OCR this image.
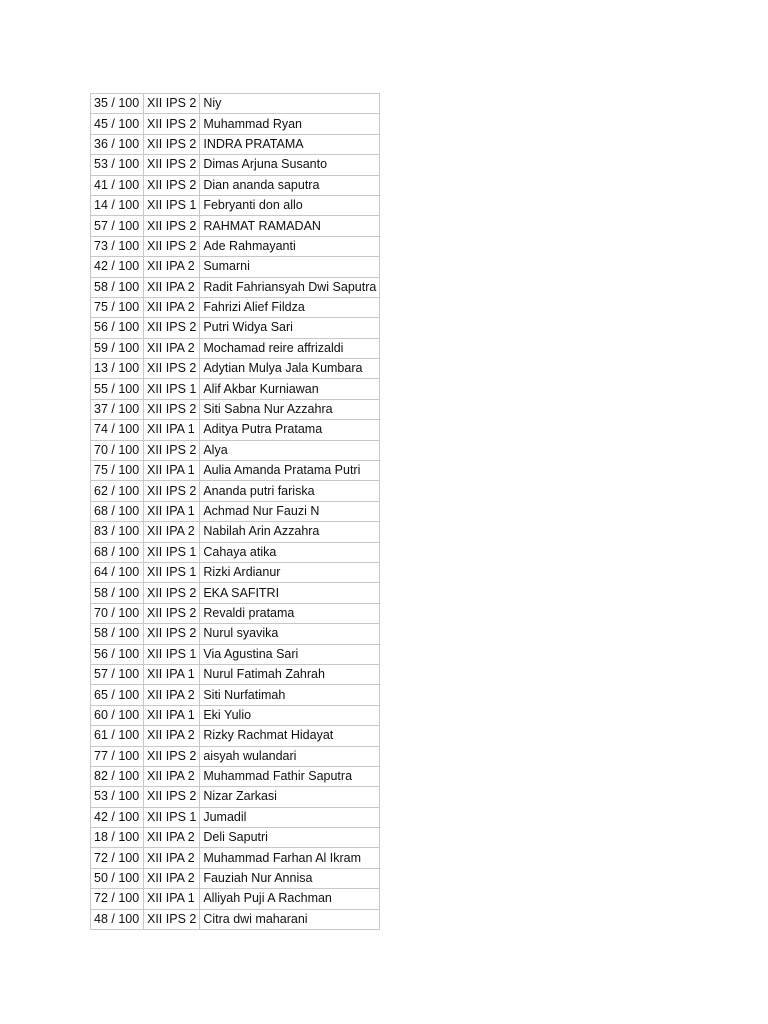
35 / 100	XII IPS 2	Niy
45 / 100	XII IPS 2	Muhammad Ryan
36 / 100	XII IPS 2	INDRA PRATAMA
53 / 100	XII IPS 2	Dimas Arjuna Susanto
41 / 100	XII IPS 2	Dian ananda saputra
14 / 100	XII IPS 1	Febryanti don allo
57 / 100	XII IPS 2	RAHMAT RAMADAN
73 / 100	XII IPS 2	Ade Rahmayanti
42 / 100	XII IPA 2	Sumarni
58 / 100	XII IPA 2	Radit Fahriansyah Dwi Saputra
75 / 100	XII IPA 2	Fahrizi Alief Fildza
56 / 100	XII IPS 2	Putri Widya Sari
59 / 100	XII IPA 2	Mochamad reire affrizaldi
13 / 100	XII IPS 2	Adytian Mulya Jala Kumbara
55 / 100	XII IPS 1	Alif Akbar Kurniawan
37 / 100	XII IPS 2	Siti Sabna Nur Azzahra
74 / 100	XII IPA 1	Aditya Putra Pratama
70 / 100	XII IPS 2	Alya
75 / 100	XII IPA 1	Aulia Amanda Pratama Putri
62 / 100	XII IPS 2	Ananda putri fariska
68 / 100	XII IPA 1	Achmad Nur Fauzi N
83 / 100	XII IPA 2	Nabilah Arin Azzahra
68 / 100	XII IPS 1	Cahaya atika
64 / 100	XII IPS 1	Rizki Ardianur
58 / 100	XII IPS 2	EKA SAFITRI
70 / 100	XII IPS 2	Revaldi pratama
58 / 100	XII IPS 2	Nurul syavika
56 / 100	XII IPS 1	Via Agustina Sari
57 / 100	XII IPA 1	Nurul Fatimah Zahrah
65 / 100	XII IPA 2	Siti Nurfatimah
60 / 100	XII IPA 1	Eki Yulio
61 / 100	XII IPA 2	Rizky Rachmat Hidayat
77 / 100	XII IPS 2	aisyah wulandari
82 / 100	XII IPA 2	Muhammad Fathir Saputra
53 / 100	XII IPS 2	Nizar Zarkasi
42 / 100	XII IPS 1	Jumadil
18 / 100	XII IPA 2	Deli Saputri
72 / 100	XII IPA 2	Muhammad Farhan Al Ikram
50 / 100	XII IPA 2	Fauziah Nur Annisa
72 / 100	XII IPA 1	Alliyah Puji A Rachman
48 / 100	XII IPS 2	Citra dwi maharani
